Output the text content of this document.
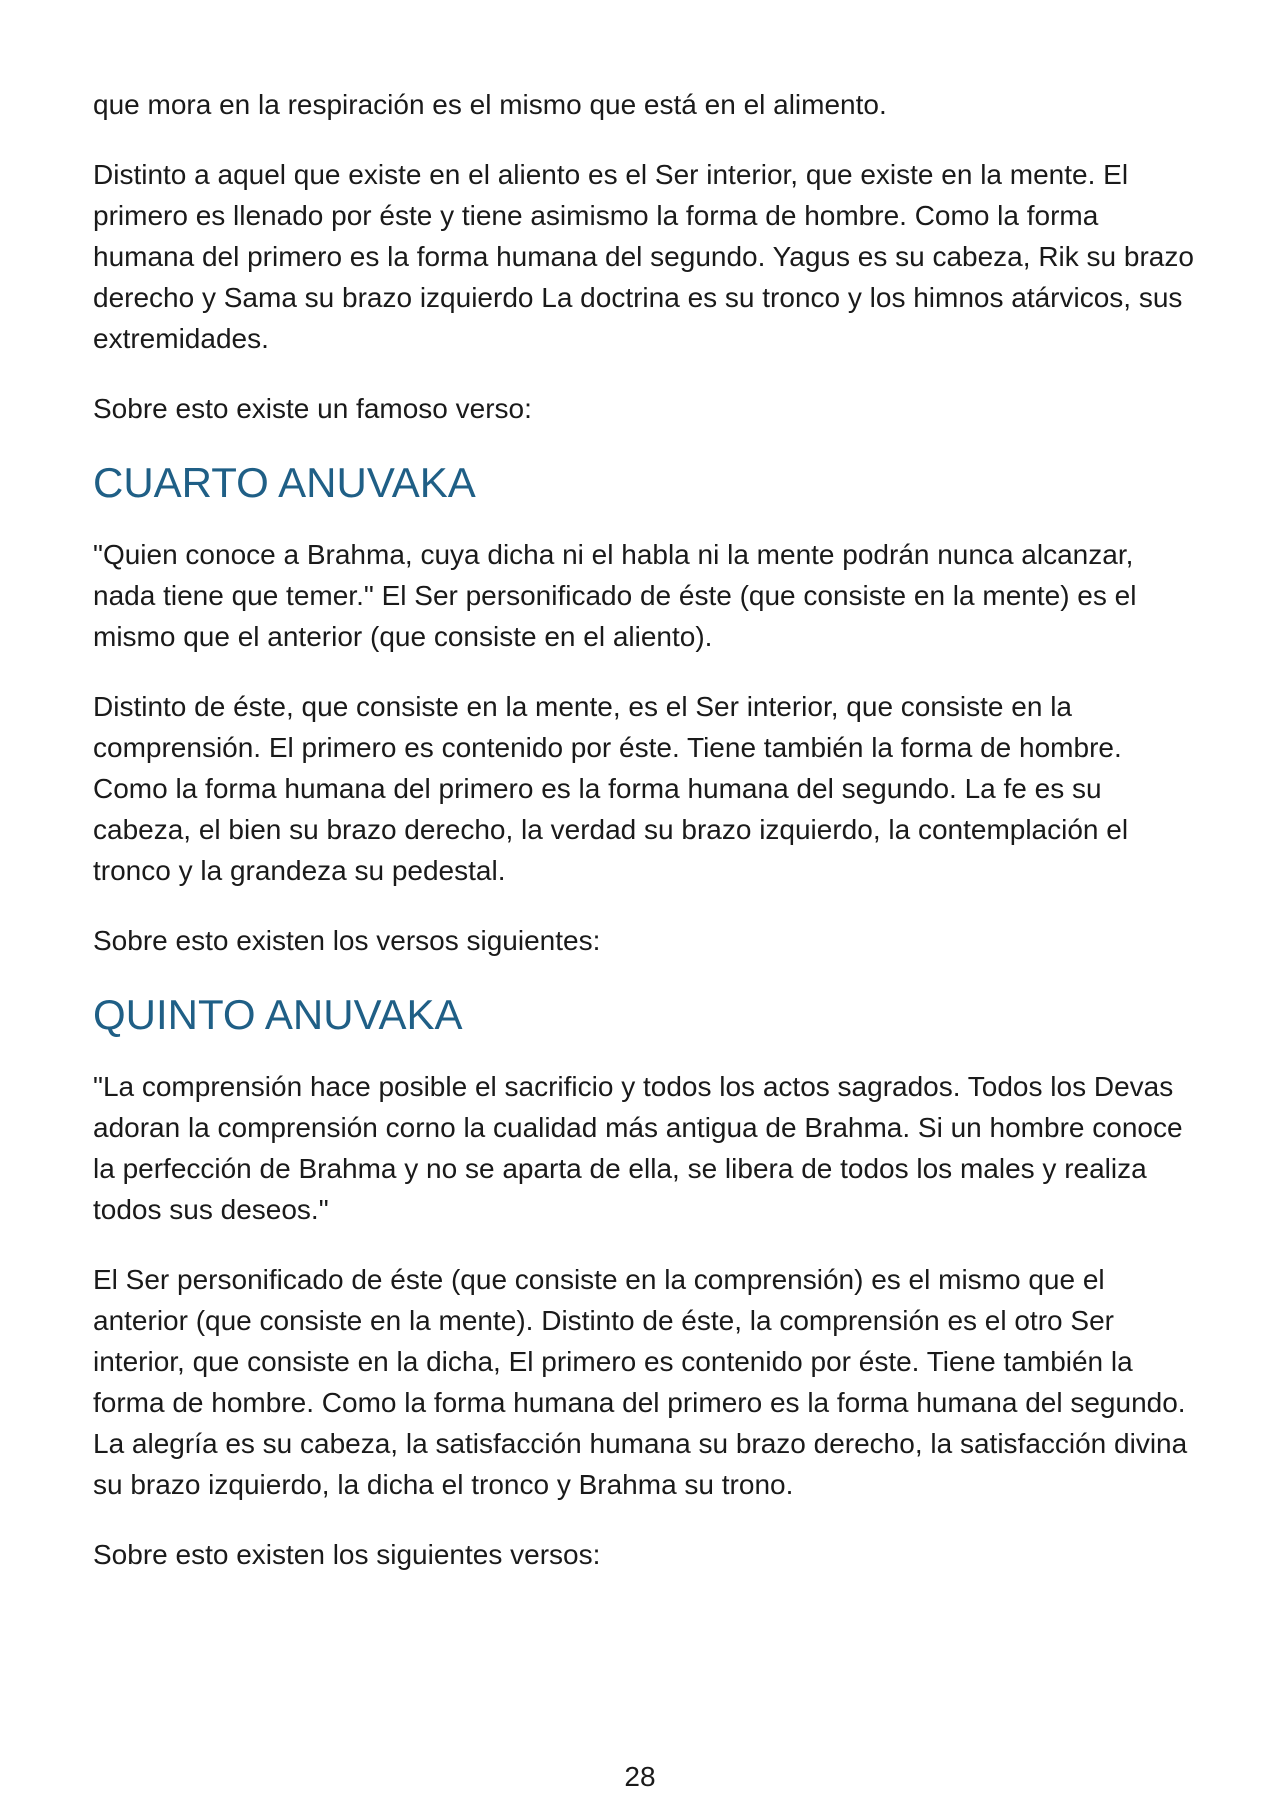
que mora en la respiración es el mismo que está en el alimento.

Distinto a aquel que existe en el aliento es el Ser interior, que existe en la mente. El primero es llenado por éste y tiene asimismo la forma de hombre. Como la forma humana del primero es la forma humana del segundo. Yagus es su cabeza, Rik su brazo derecho y Sama su brazo izquierdo La doctrina es su tronco y los himnos atárvicos, sus extremidades.

Sobre esto existe un famoso verso:

CUARTO ANUVAKA

"Quien conoce a Brahma, cuya dicha ni el habla ni la mente podrán nunca alcanzar, nada tiene que temer." El Ser personificado de éste (que consiste en la mente) es el mismo que el anterior (que consiste en el aliento).

Distinto de éste, que consiste en la mente, es el Ser interior, que consiste en la comprensión. El primero es contenido por éste. Tiene también la forma de hombre. Como la forma humana del primero es la forma humana del segundo. La fe es su cabeza, el bien su brazo derecho, la verdad su brazo izquierdo, la contemplación el tronco y la grandeza su pedestal.

Sobre esto existen los versos siguientes:

QUINTO ANUVAKA

"La comprensión hace posible el sacrificio y todos los actos sagrados. Todos los Devas adoran la comprensión corno la cualidad más antigua de Brahma. Si un hombre conoce la perfección de Brahma y no se aparta de ella, se libera de todos los males y realiza todos sus deseos."

El Ser personificado de éste (que consiste en la comprensión) es el mismo que el anterior (que consiste en la mente). Distinto de éste, la comprensión es el otro Ser interior, que consiste en la dicha, El primero es contenido por éste. Tiene también la forma de hombre. Como la forma humana del primero es la forma humana del segundo. La alegría es su cabeza, la satisfacción humana su brazo derecho, la satisfacción divina su brazo izquierdo, la dicha el tronco y Brahma su trono.

Sobre esto existen los siguientes versos:

28
